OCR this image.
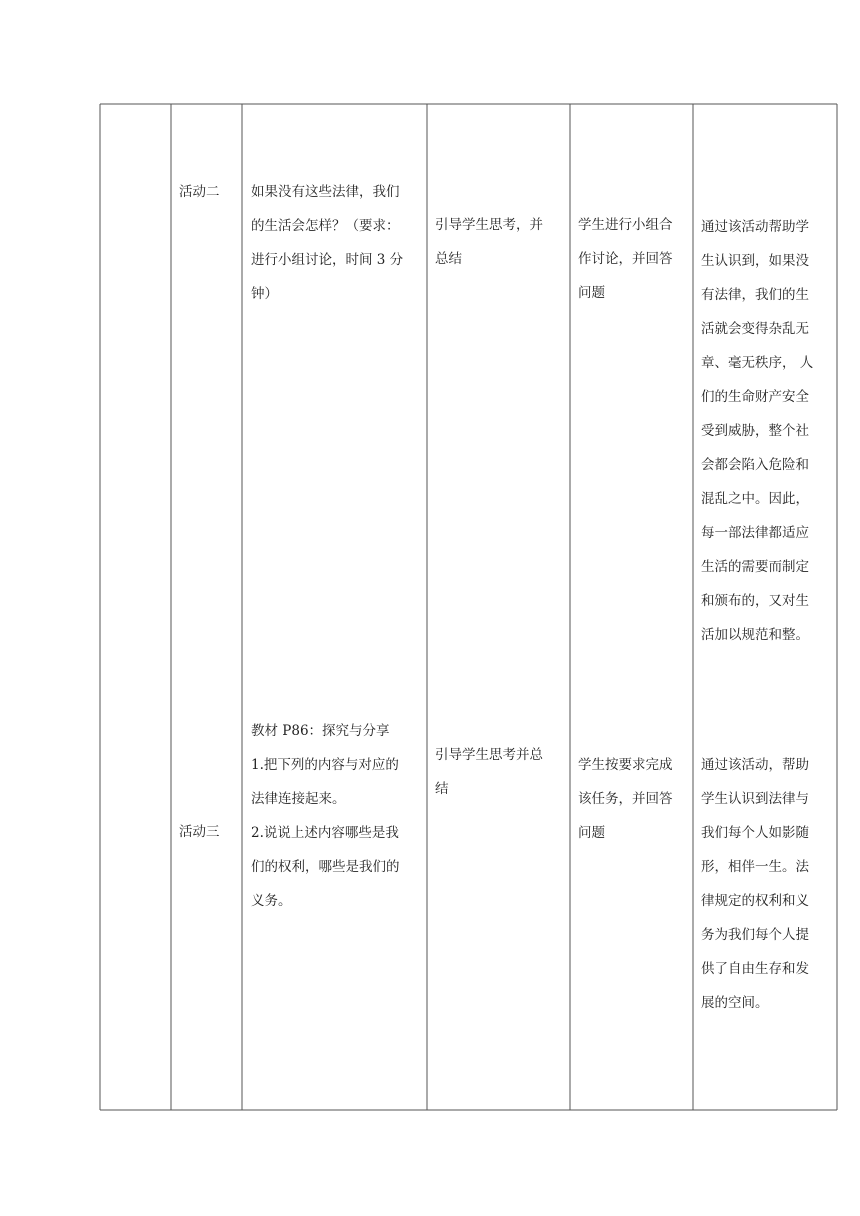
活动二	如果没有这些法律，我们
的生活会怎样？（要求：
进行小组讨论，时间 3 分
钟）
引导学生思考，并
总结
学生进行小组合
作讨论，并回答
问题
通过该活动帮助学
生认识到，如果没
有法律，我们的生
活就会变得杂乱无
章、毫无秩序， 人
们的生命财产安全
受到威胁，整个社
会都会陷入危险和
混乱之中。因此，
每一部法律都适应
生活的需要而制定
和颁布的，又对生
活加以规范和整。
活动三
教材 P86：探究与分享
1.把下列的内容与对应的
法律连接起来。
2.说说上述内容哪些是我
们的权利，哪些是我们的
义务。
引导学生思考并总
结
学生按要求完成
该任务，并回答
问题
通过该活动，帮助
学生认识到法律与
我们每个人如影随
形，相伴一生。法
律规定的权利和义
务为我们每个人提
供了自由生存和发
展的空间。
